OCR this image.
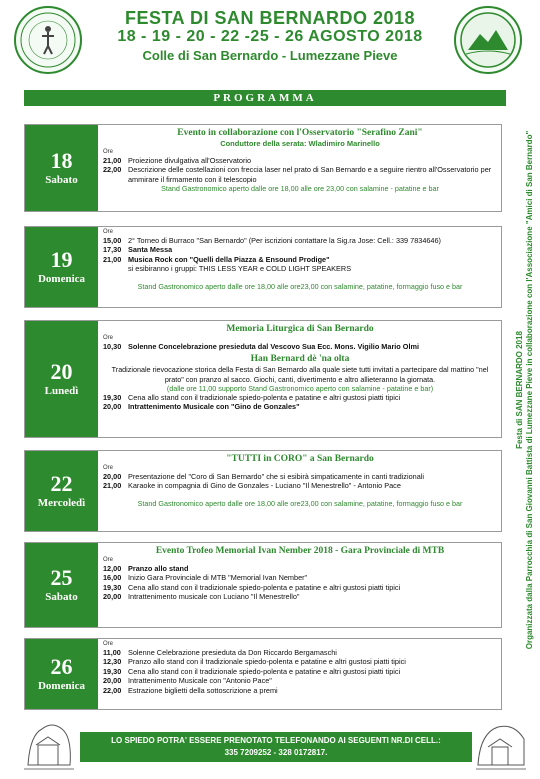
FESTA DI SAN BERNARDO 2018
18 - 19 - 20 - 22 -25 - 26 AGOSTO 2018
Colle di San Bernardo - Lumezzane Pieve
PROGRAMMA
18
Sabato
Evento in collaborazione con l'Osservatorio "Serafino Zani"
Conduttore della serata: Wladimiro Marinello
Ore
21,00 Proiezione divulgativa all'Osservatorio
22,00 Descrizione delle costellazioni con freccia laser nel prato di San Bernardo e a seguire rientro all'Osservatorio per ammirare il firmamento con il telescopio
Stand Gastronomico aperto dalle ore 18,00 alle ore 23,00 con salamine - patatine e bar
19
Domenica
Ore
15,00 2° Torneo di Burraco "San Bernardo" (Per iscrizioni contattare la Sig.ra Jose: Cell.: 339 7834646)
17,30 Santa Messa
21,00 Musica Rock con "Quelli della Piazza & Ensound Prodige"
si esibiranno i gruppi: THIS LESS YEAR e COLD LIGHT SPEAKERS
Stand Gastronomico aperto dalle ore 18,00 alle ore23,00 con salamine, patatine, formaggio fuso e bar
20
Lunedì
Memoria Liturgica di San Bernardo
Ore
10,30 Solenne Concelebrazione presieduta dal Vescovo Sua Ecc. Mons. Vigilio Mario Olmi
Han Bernard dè 'na olta
Tradizionale rievocazione storica della Festa di San Bernardo alla quale siete tutti invitati a partecipare dal mattino "nel prato" con pranzo al sacco. Giochi, canti, divertimento e altro allieteranno la giornata.
(dalle ore 11,00 supporto Stand Gastronomico aperto con salamine - patatine e bar)
19,30 Cena allo stand con il tradizionale spiedo-polenta e patatine e altri gustosi piatti tipici
20,00 Intrattenimento Musicale con "Gino de Gonzales"
22
Mercoledì
"TUTTI in CORO" a San Bernardo
Ore
20,00 Presentazione del "Coro di San Bernardo" che si esibirà simpaticamente in canti tradizionali
21,00 Karaoke in compagnia di Gino de Gonzales - Luciano "Il Menestrello" - Antonio Pace
Stand Gastronomico aperto dalle ore 18,00 alle ore23,00 con salamine, patatine, formaggio fuso e bar
25
Sabato
Evento Trofeo Memorial Ivan Nember 2018 - Gara Provinciale di MTB
Ore
12,00 Pranzo allo stand
16,00 Inizio Gara Provinciale di MTB "Memorial Ivan Nember"
19,30 Cena allo stand con il tradizionale spiedo-polenta e patatine e altri gustosi piatti tipici
20,00 Intrattenimento musicale con Luciano "Il Menestrello"
26
Domenica
Ore
11,00 Solenne Celebrazione presieduta da Don Riccardo Bergamaschi
12,30 Pranzo allo stand con il tradizionale spiedo-polenta e patatine e altri gustosi piatti tipici
19,30 Cena allo stand con il tradizionale spiedo-polenta e patatine e altri gustosi piatti tipici
20,00 Intrattenimento Musicale con "Antonio Pace"
22,00 Estrazione biglietti della sottoscrizione a premi
Festa di SAN BERNARDO 2018 Organizzata dalla Parrocchia di San Giovanni Battista di Lumezzane Pieve in collaborazione con l'Associazione "Amici di San Bernardo"
LO SPIEDO POTRA' ESSERE PRENOTATO TELEFONANDO AI SEGUENTI NR.DI CELL.:
335 7209252 - 328 0172817.
